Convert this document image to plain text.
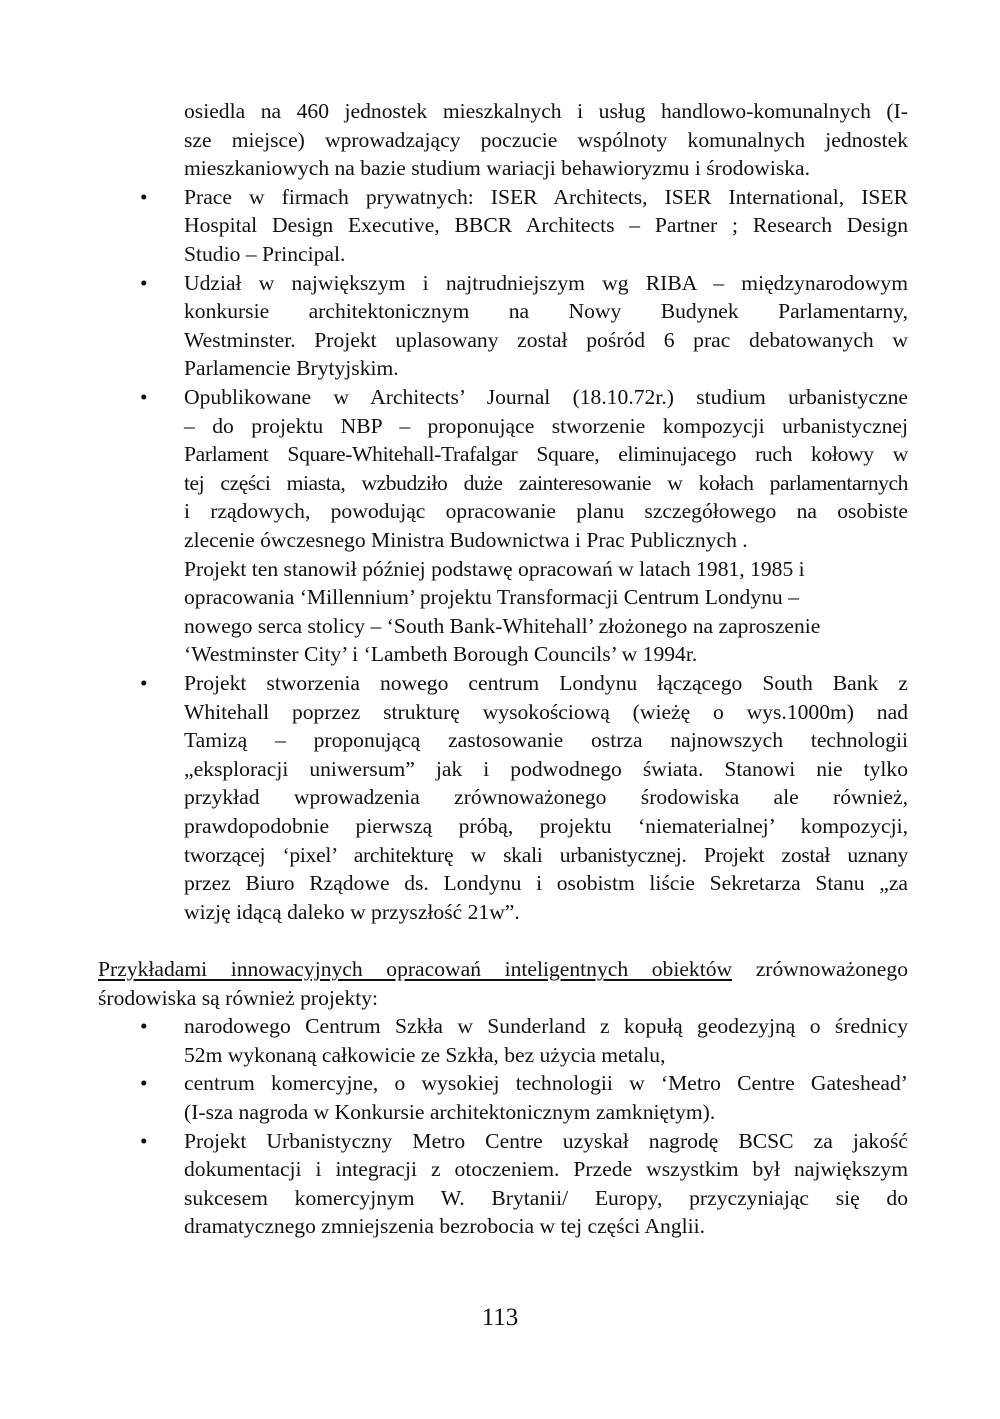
osiedla na 460 jednostek mieszkalnych i usług handlowo-komunalnych (I-
sze miejsce) wprowadzający poczucie wspólnoty komunalnych jednostek
mieszkaniowych na bazie studium wariacji behawioryzmu i środowiska.
• Prace w firmach prywatnych: ISER Architects, ISER International, ISER
Hospital Design Executive, BBCR Architects – Partner ; Research Design
Studio – Principal.
• Udział w największym i najtrudniejszym wg RIBA – międzynarodowym
konkursie architektonicznym na Nowy Budynek Parlamentarny,
Westminster. Projekt uplasowany został pośród 6 prac debatowanych w
Parlamencie Brytyjskim.
• Opublikowane w Architects’ Journal (18.10.72r.) studium urbanistyczne
– do projektu NBP – proponujące stworzenie kompozycji urbanistycznej
Parlament Square-Whitehall-Trafalgar Square, eliminujacego ruch kołowy w
tej części miasta, wzbudziło duże zainteresowanie w kołach parlamentarnych
i rządowych, powodując opracowanie planu szczegółowego na osobiste
zlecenie ówczesnego Ministra Budownictwa i Prac Publicznych .
Projekt ten stanowił później podstawę opracowań w latach 1981, 1985 i
opracowania ‘Millennium’ projektu Transformacji Centrum Londynu –
nowego serca stolicy – ‘South Bank-Whitehall’ złożonego na zaproszenie
‘Westminster City’ i ‘Lambeth Borough Councils’ w 1994r.
• Projekt stworzenia nowego centrum Londynu łączącego South Bank z
Whitehall poprzez strukturę wysokościową (wieżę o wys.1000m) nad
Tamizą – proponującą zastosowanie ostrza najnowszych technologii
„eksploracji uniwersum” jak i podwodnego świata. Stanowi nie tylko
przykład wprowadzenia zrównoważonego środowiska ale również,
prawdopodobnie pierwszą próbą, projektu ‘niematerialnej’ kompozycji,
tworzącej ‘pixel’ architekturę w skali urbanistycznej. Projekt został uznany
przez Biuro Rządowe ds. Londynu i osobistm liście Sekretarza Stanu „za
wizję idącą daleko w przyszłość 21w”.
Przykładami innowacyjnych opracowań inteligentnych obiektów zrównoważonego
środowiska są również projekty:
• narodowego Centrum Szkła w Sunderland z kopułą geodezyjną o średnicy
52m wykonaną całkowicie ze Szkła, bez użycia metalu,
• centrum komercyjne, o wysokiej technologii w ‘Metro Centre Gateshead’
(I-sza nagroda w Konkursie architektonicznym zamkniętym).
• Projekt Urbanistyczny Metro Centre uzyskał nagrodę BCSC za jakość
dokumentacji i integracji z otoczeniem. Przede wszystkim był największym
sukcesem komercyjnym W. Brytanii/ Europy, przyczyniając się do
dramatycznego zmniejszenia bezrobocia w tej części Anglii.
113
